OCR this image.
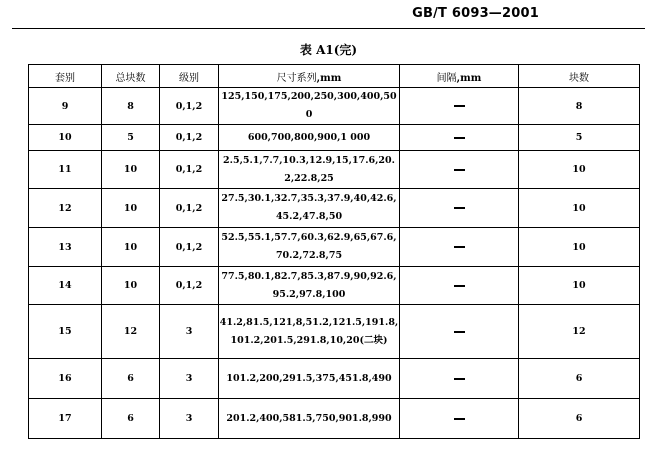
GB/T 6093—2001
表 A1(完)
套别	总块数	级别	尺寸系列,mm	间隔,mm	块数
9	8	0,1,2	125,150,175,200,250,300,400,500		8
10	5	0,1,2	600,700,800,900,1 000		5
11	10	0,1,2	2.5,5.1,7.7,10.3,12.9,15,17.6,20.2,22.8,25		10
12	10	0,1,2	27.5,30.1,32.7,35.3,37.9,40,42.6,45.2,47.8,50		10
13	10	0,1,2	52.5,55.1,57.7,60.3,62.9,65,67.6,70.2,72.8,75		10
14	10	0,1,2	77.5,80.1,82.7,85.3,87.9,90,92.6,95.2,97.8,100		10
15	12	3	41.2,81.5,121,8,51.2,121.5,191.8,101.2,201.5,291.8,10,20(二块)		12
16	6	3	101.2,200,291.5,375,451.8,490		6
17	6	3	201.2,400,581.5,750,901.8,990		6
